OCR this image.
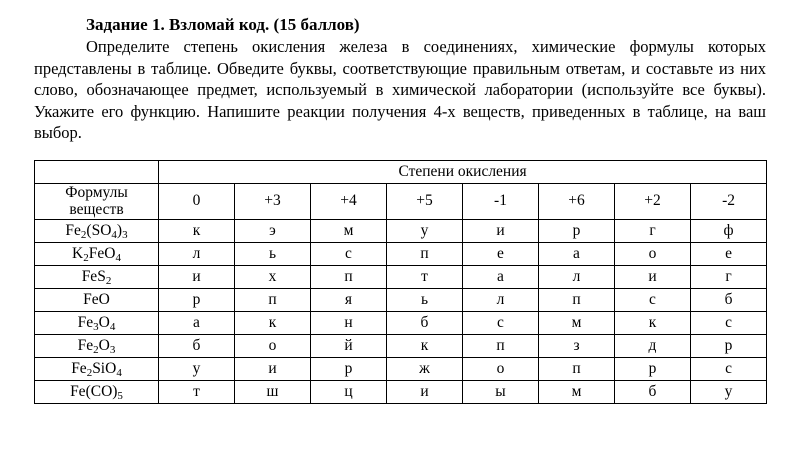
Задание 1. Взломай код. (15 баллов)

Определите степень окисления железа в соединениях, химические формулы которых представлены в таблице. Обведите буквы, соответствующие правильным ответам, и составьте из них слово, обозначающее предмет, используемый в химической лаборатории (используйте все буквы). Укажите его функцию. Напишите реакции получения 4-х веществ, приведенных в таблице, на ваш выбор.

	Степени окисления							
Формулы веществ	0	+3	+4	+5	-1	+6	+2	-2
$Fe_2(SO_4)_3$	к	э	м	у	и	р	г	ф
$K_2FeO_4$	л	ь	с	п	е	а	о	е
FeS$_2$	и	х	п	т	а	л	и	г
FeO	р	п	я	ь	л	п	с	б
$Fe_3O_4$	а	к	н	б	с	м	к	с
$Fe_2O_3$	б	о	й	к	п	з	д	р
$Fe_2SiO_4$	у	и	р	ж	о	п	р	с
$Fe(CO)_5$	т	ш	ц	и	ы	м	б	у
